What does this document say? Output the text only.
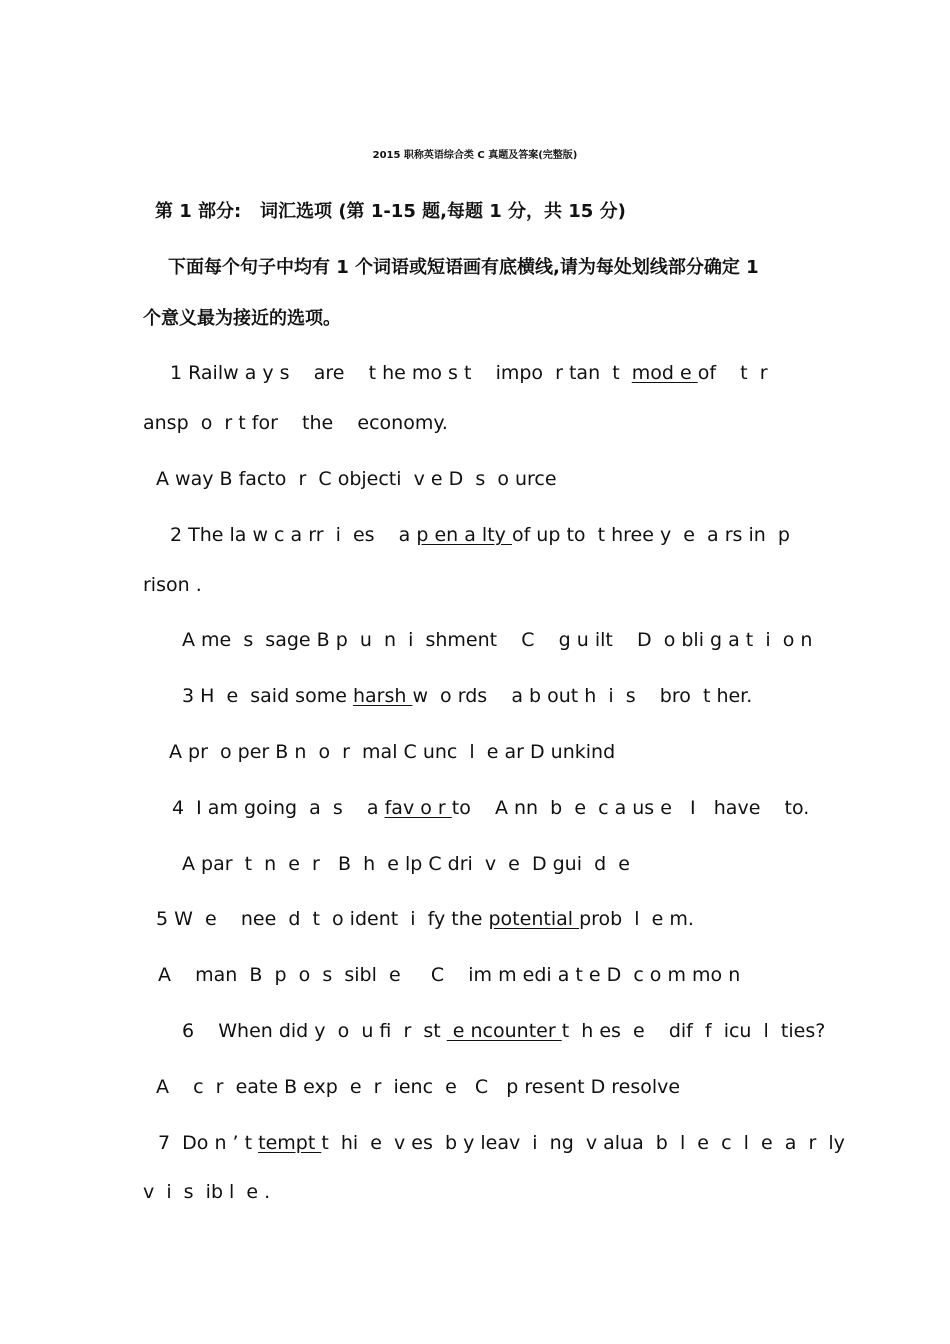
2015 职称英语综合类 C 真题及答案(完整版)
第 1 部分:   词汇选项 (第 1-15 题,每题 1 分，共 15 分)
下面每个句子中均有 1 个词语或短语画有底横线,请为每处划线部分确定 1
个意义最为接近的选项。
1 Railw a y s    are    t he mo s t    impo  r tan  t  mod e of    t  r
ansp  o  r t for    the    economy.
A way B facto  r  C objecti  v e D  s  o urce
2 The la w c a rr  i  es    a p en a lty of up to  t hree y  e  a rs in  p
rison .
A me  s  sage B p  u  n  i  shment    C    g u ilt    D  o bli g a t  i  o n
3 H  e  said some harsh w  o rds    a b out h  i  s    bro  t her.
A pr  o per B n  o  r  mal C unc  l  e ar D unkind
4  I am going  a  s    a fav o r to    A nn  b  e  c a us e   I   have    to.
A par  t  n  e  r   B  h  e lp C dri  v  e  D gui  d  e
5 W  e    nee  d  t  o ident  i  fy the potential prob  l  e m.
A    man  B  p  o  s  sibl  e     C    im m edi a t e D  c o m mo n
6    When did y  o  u fi  r  st  e ncounter t  h es  e    dif  f  icu  l  ties?
A    c  r  eate B exp  e  r  ienc  e   C   p resent D resolve
7  Do n ’ t tempt t  hi  e  v es  b y leav  i  ng  v alua  b  l  e  c  l  e  a  r  ly
v  i  s  ib l  e .
